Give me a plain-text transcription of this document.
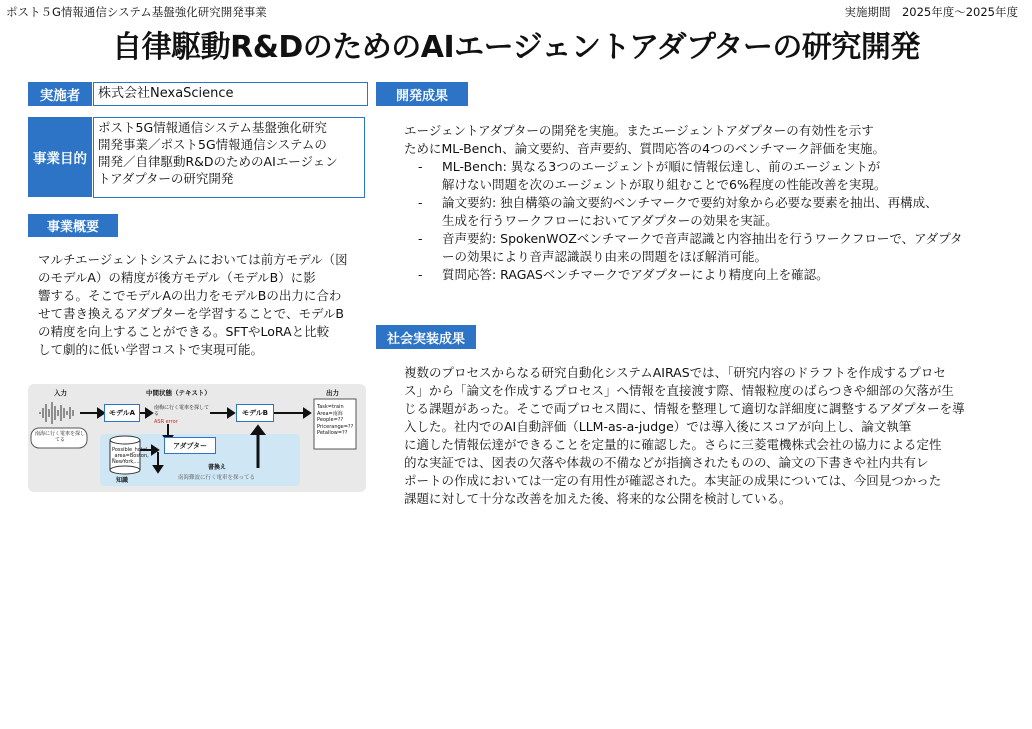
ポスト５G情報通信システム基盤強化研究開発事業	実施期間　2025年度〜2025年度
自律駆動R&DのためのAIエージェントアダプターの研究開発
実施者	株式会社NexaScience
事業目的
ポスト5G情報通信システム基盤強化研究
開発事業／ポスト5G情報通信システムの
開発／自律駆動R&DのためのAIエージェン
トアダプターの研究開発
事業概要
マルチエージェントシステムにおいては前方モデル（図
のモデルA）の精度が後方モデル（モデルB）に影
響する。そこでモデルAの出力をモデルBの出力に合わ
せて書き換えるアダプターを学習することで、モデルB
の精度を向上することができる。SFTやLoRAと比較
して劇的に低い学習コストで実現可能。
入力	中間状態（テキスト）	出力
モデルA	モデルB
アダプター
南海に行く電車を探してる
南梅に行く電車を探してる
ASR error
Possible_hotel
_area=Boston,
NewYork,...
知識
書換え
南海難波に行く電車を探ってる
Task=train
Area=南海
People=??
Pricerange=??
Petallow=??
開発成果
エージェントアダプターの開発を実施。またエージェントアダプターの有効性を示す
ためにML-Bench、論文要約、音声要約、質問応答の4つのベンチマーク評価を実施。
- ML-Bench: 異なる3つのエージェントが順に情報伝達し、前のエージェントが
解けない問題を次のエージェントが取り組むことで6%程度の性能改善を実現。
- 論文要約: 独自構築の論文要約ベンチマークで要約対象から必要な要素を抽出、再構成、
生成を行うワークフローにおいてアダプターの効果を実証。
- 音声要約: SpokenWOZベンチマークで音声認識と内容抽出を行うワークフローで、アダプタ
ーの効果により音声認識誤り由来の問題をほぼ解消可能。
- 質問応答: RAGASベンチマークでアダプターにより精度向上を確認。
社会実装成果
複数のプロセスからなる研究自動化システムAIRASでは、「研究内容のドラフトを作成するプロセ
ス」から「論文を作成するプロセス」へ情報を直接渡す際、情報粒度のばらつきや細部の欠落が生
じる課題があった。そこで両プロセス間に、情報を整理して適切な詳細度に調整するアダプターを導
入した。社内でのAI自動評価（LLM-as-a-judge）では導入後にスコアが向上し、論文執筆
に適した情報伝達ができることを定量的に確認した。さらに三菱電機株式会社の協力による定性
的な実証では、図表の欠落や体裁の不備などが指摘されたものの、論文の下書きや社内共有レ
ポートの作成においては一定の有用性が確認された。本実証の成果については、今回見つかった
課題に対して十分な改善を加えた後、将来的な公開を検討している。
